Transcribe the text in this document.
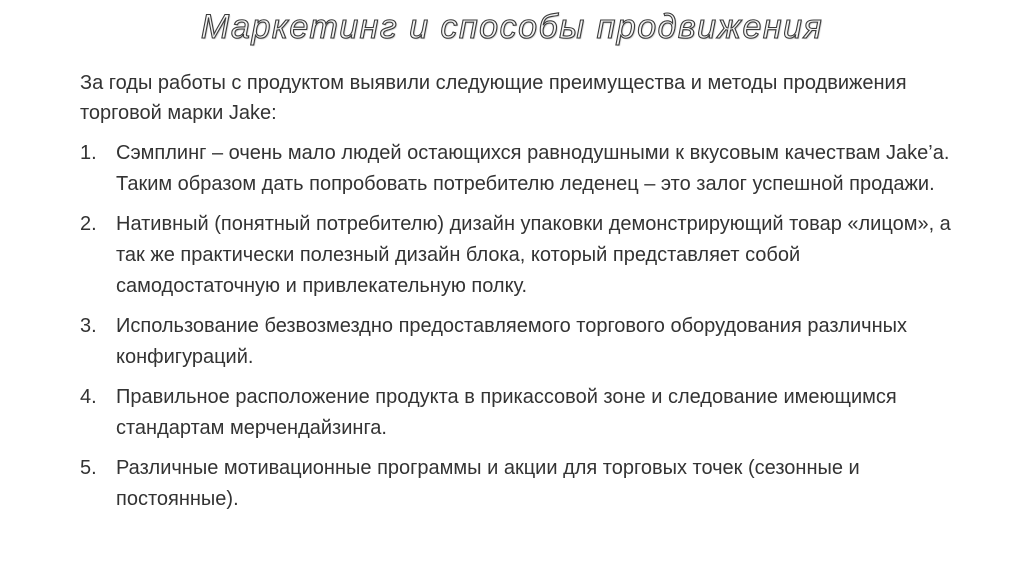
Маркетинг и способы продвижения
За годы работы с продуктом выявили следующие преимущества и методы продвижения торговой марки Jake:
1. Сэмплинг – очень мало людей остающихся равнодушными к вкусовым качествам Jake’a. Таким образом дать попробовать потребителю леденец – это залог успешной продажи.
2. Нативный (понятный потребителю) дизайн упаковки демонстрирующий товар «лицом», а так же практически полезный дизайн блока, который представляет собой самодостаточную и привлекательную полку.
3. Использование безвозмездно предоставляемого торгового оборудования различных конфигураций.
4. Правильное расположение продукта в прикассовой зоне и следование имеющимся стандартам мерчендайзинга.
5. Различные мотивационные программы и акции для торговых точек (сезонные и постоянные).
